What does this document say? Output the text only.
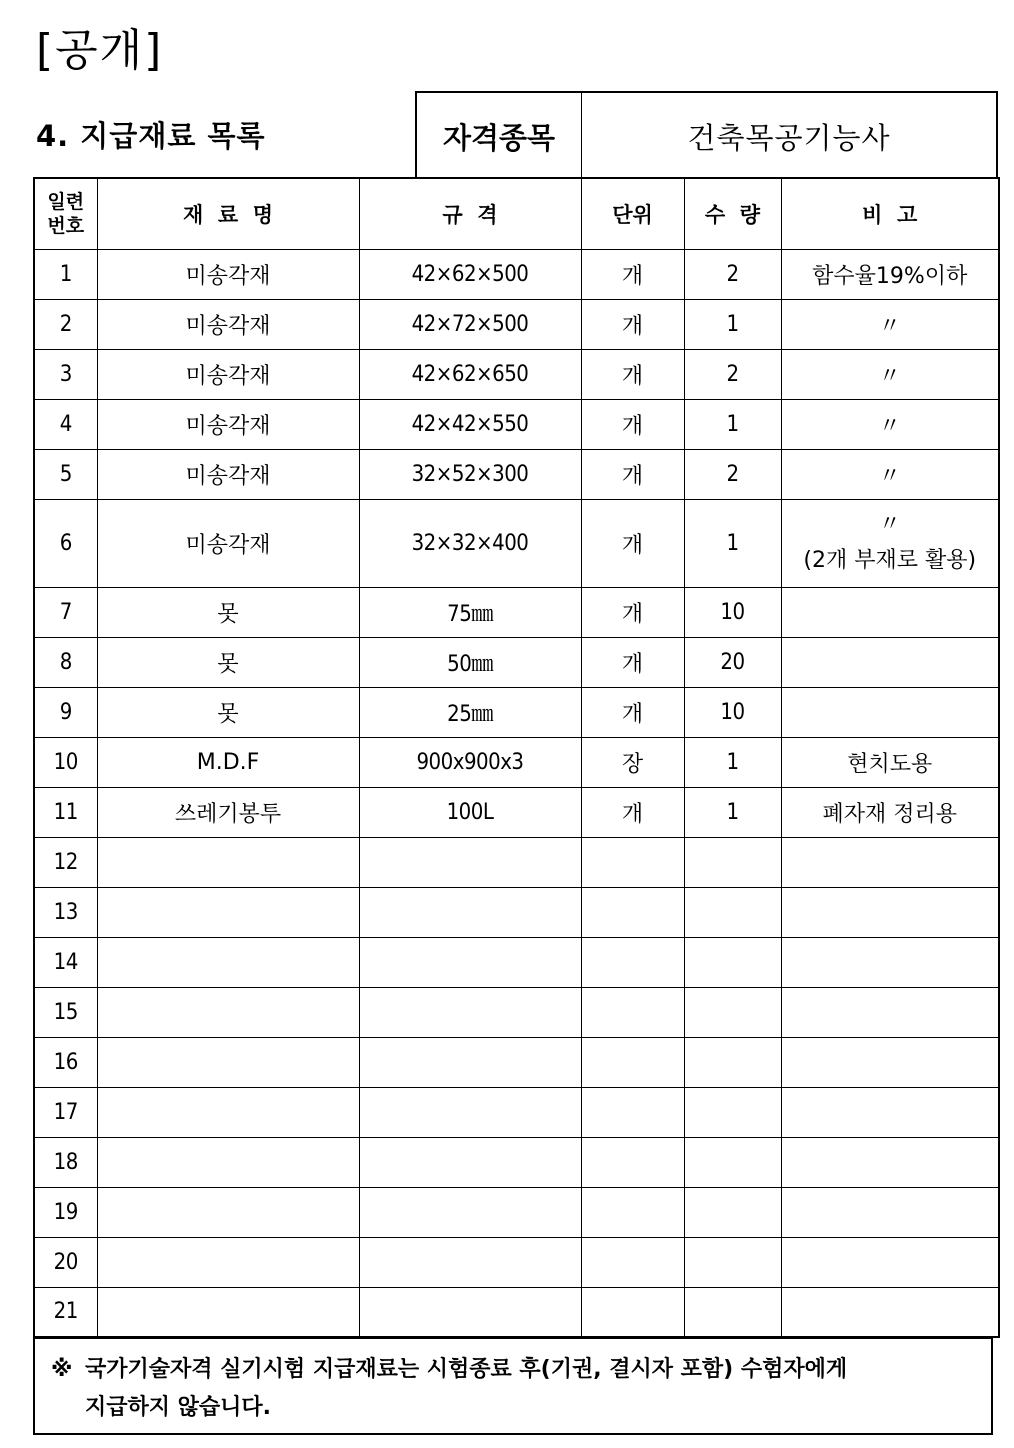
[공개]
4. 지급재료 목록	자격종목	건축목공기능사
일련
번호	재  료  명	규  격	단위	수  량	비  고
1	미송각재	42×62×500	개	2	함수율19%이하
2	미송각재	42×72×500	개	1	〃
3	미송각재	42×62×650	개	2	〃
4	미송각재	42×42×550	개	1	〃
5	미송각재	32×52×300	개	2	〃
6	미송각재	32×32×400	개	1	〃
(2개 부재로 활용)

7	못	75㎜	개	10	
8	못	50㎜	개	20	
9	못	25㎜	개	10	
10	M.D.F	900x900x3	장	1	현치도용
11	쓰레기봉투	100L	개	1	폐자재 정리용
12					
13					
14					
15					
16					
17					
18					
19					
20					
21					
※ 국가기술자격 실기시험 지급재료는 시험종료 후(기권, 결시자 포함) 수험자에게
지급하지 않습니다.
